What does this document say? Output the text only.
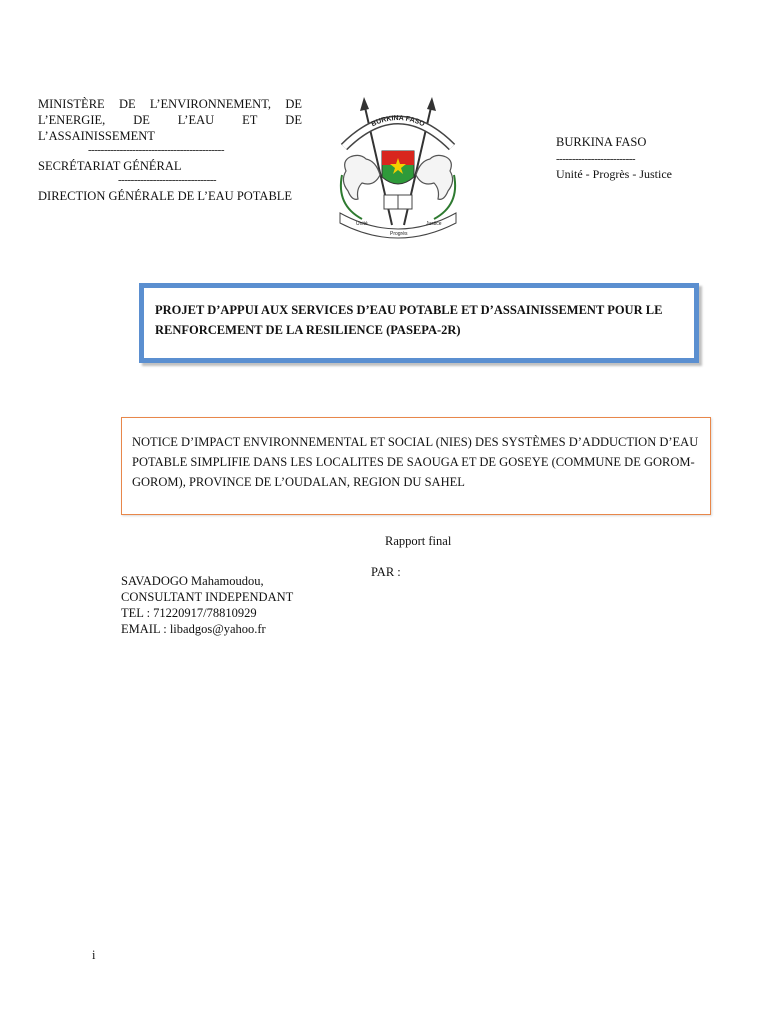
MINISTÈRE DE L’ENVIRONNEMENT, DE
L’ENERGIE, DE L’EAU ET DE
L’ASSAINISSEMENT
-------------------------------------------
SECRÉTARIAT GÉNÉRAL
-------------------------------
DIRECTION GÉNÉRALE DE L’EAU POTABLE
BURKINA FASO
Unité
Progrès
Justice
BURKINA FASO
-------------------------
Unité - Progrès - Justice
PROJET D’APPUI AUX SERVICES D’EAU POTABLE ET D’ASSAINISSEMENT POUR LE RENFORCEMENT DE LA RESILIENCE (PASEPA-2R)
NOTICE D’IMPACT ENVIRONNEMENTAL ET SOCIAL (NIES) DES SYSTÈMES D’ADDUCTION D’EAU POTABLE SIMPLIFIE DANS LES LOCALITES DE SAOUGA ET DE GOSEYE (COMMUNE DE GOROM-GOROM), PROVINCE DE L’OUDALAN, REGION DU SAHEL
Rapport final
PAR :
SAVADOGO Mahamoudou,
CONSULTANT INDEPENDANT
TEL : 71220917/78810929
EMAIL : libadgos@yahoo.fr
i
